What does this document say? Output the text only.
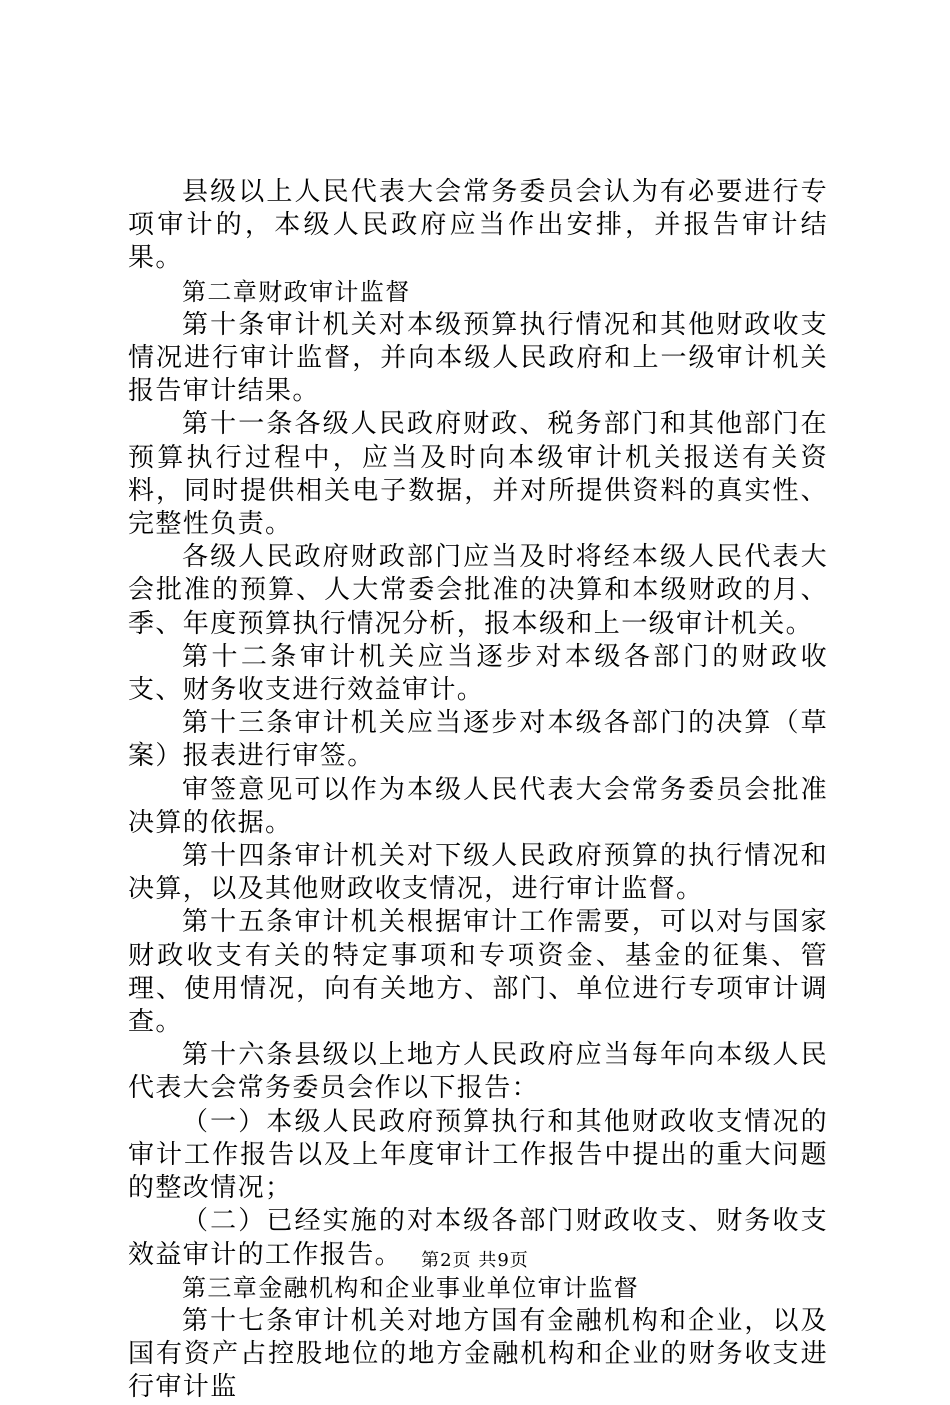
县级以上人民代表大会常务委员会认为有必要进行专项审计的，本级人民政府应当作出安排，并报告审计结果。

第二章财政审计监督

第十条审计机关对本级预算执行情况和其他财政收支情况进行审计监督，并向本级人民政府和上一级审计机关报告审计结果。

第十一条各级人民政府财政、税务部门和其他部门在预算执行过程中，应当及时向本级审计机关报送有关资料，同时提供相关电子数据，并对所提供资料的真实性、完整性负责。

各级人民政府财政部门应当及时将经本级人民代表大会批准的预算、人大常委会批准的决算和本级财政的月、季、年度预算执行情况分析，报本级和上一级审计机关。

第十二条审计机关应当逐步对本级各部门的财政收支、财务收支进行效益审计。

第十三条审计机关应当逐步对本级各部门的决算（草案）报表进行审签。

审签意见可以作为本级人民代表大会常务委员会批准决算的依据。

第十四条审计机关对下级人民政府预算的执行情况和决算，以及其他财政收支情况，进行审计监督。

第十五条审计机关根据审计工作需要，可以对与国家财政收支有关的特定事项和专项资金、基金的征集、管理、使用情况，向有关地方、部门、单位进行专项审计调查。

第十六条县级以上地方人民政府应当每年向本级人民代表大会常务委员会作以下报告：

（一）本级人民政府预算执行和其他财政收支情况的审计工作报告以及上年度审计工作报告中提出的重大问题的整改情况；

（二）已经实施的对本级各部门财政收支、财务收支效益审计的工作报告。

第三章金融机构和企业事业单位审计监督

第十七条审计机关对地方国有金融机构和企业，以及国有资产占控股地位的地方金融机构和企业的财务收支进行审计监

第2页 共9页
